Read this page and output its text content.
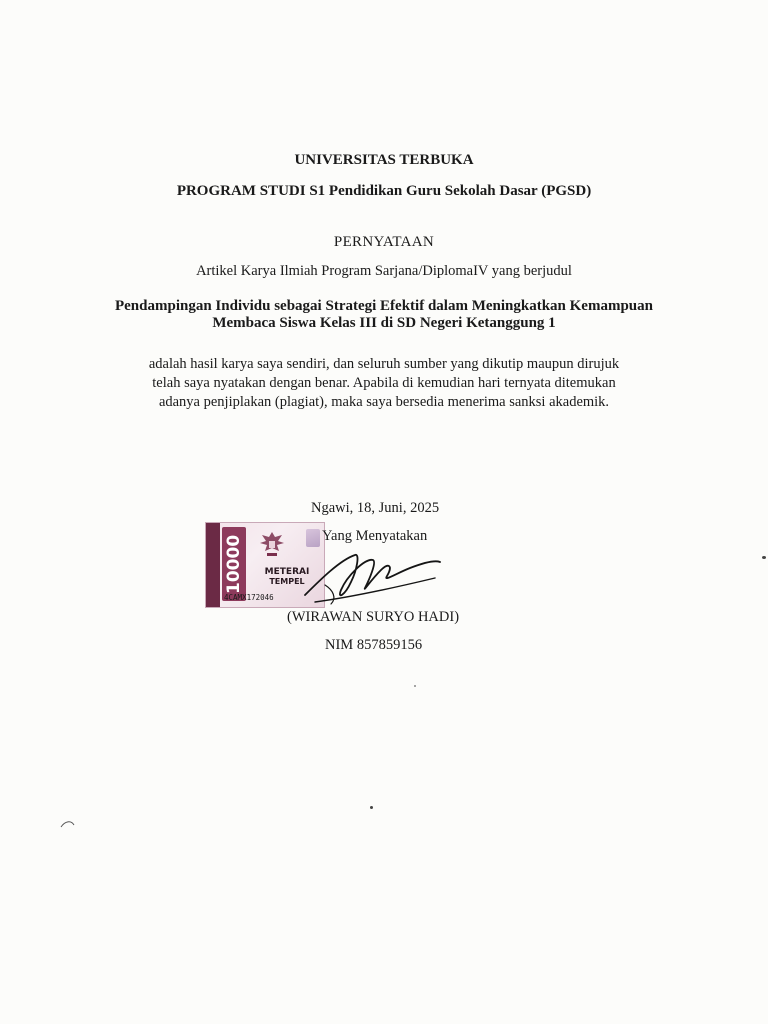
UNIVERSITAS TERBUKA
PROGRAM STUDI S1 Pendidikan Guru Sekolah Dasar (PGSD)
PERNYATAAN
Artikel Karya Ilmiah Program Sarjana/DiplomaIV yang berjudul
Pendampingan Individu sebagai Strategi Efektif dalam Meningkatkan Kemampuan
Membaca Siswa Kelas III di SD Negeri Ketanggung 1
adalah hasil karya saya sendiri, dan seluruh sumber yang dikutip maupun dirujuk
telah saya nyatakan dengan benar. Apabila di kemudian hari ternyata ditemukan
adanya penjiplakan (plagiat), maka saya bersedia menerima sanksi akademik.
Ngawi, 18, Juni, 2025
10000	METERAI
TEMPEL
4CAMX172046
Yang Menyatakan
(WIRAWAN SURYO HADI)
NIM 857859156
